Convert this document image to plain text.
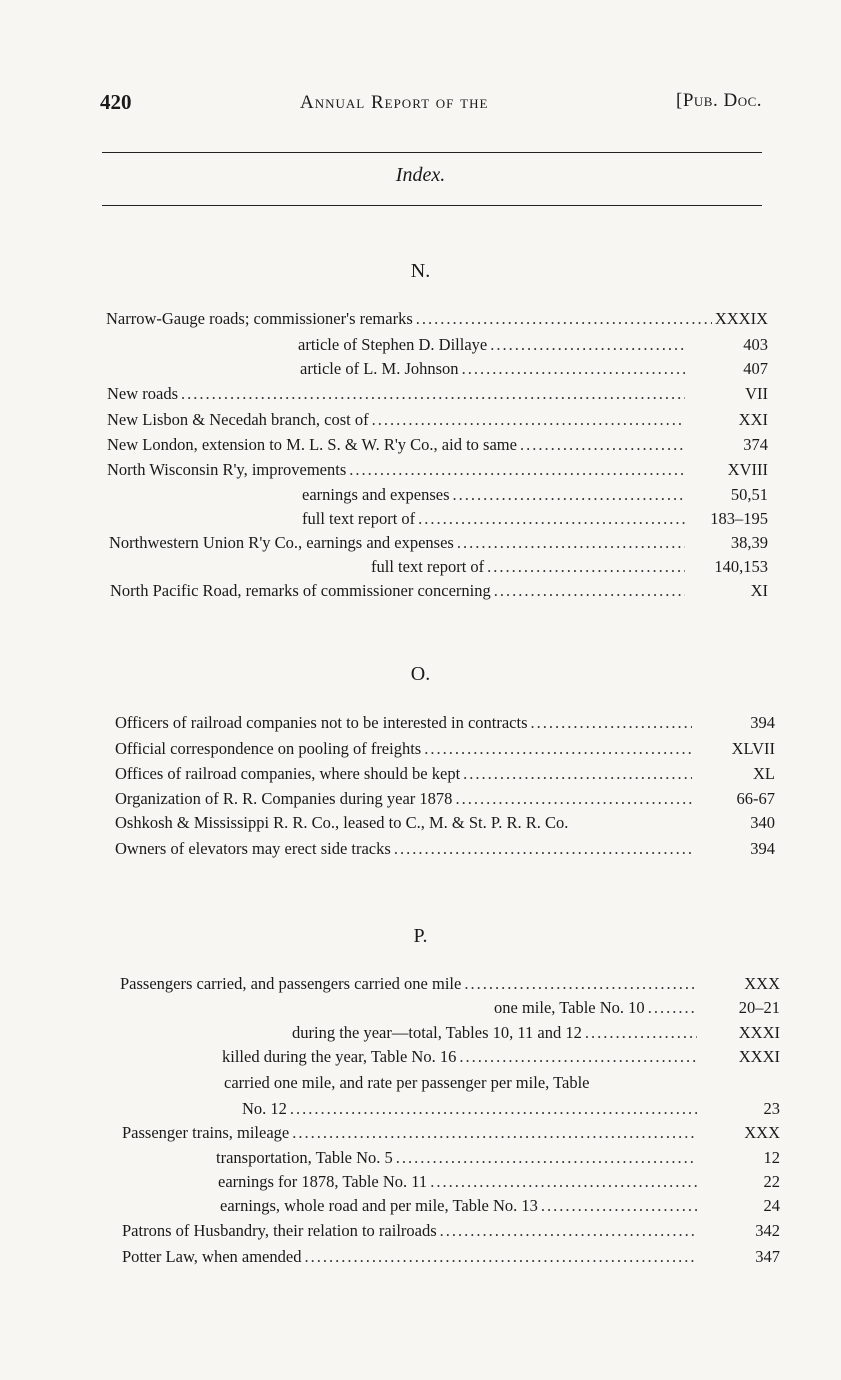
420	Annual Report of the	[Pub. Doc.
Index.
N.
O.
P.
Narrow-Gauge roads; commissioner's remarks .....	XXXIX
article of Stephen D. Dillaye .....	403
article of L. M. Johnson .....	407
New roads .....	VII
New Lisbon & Necedah branch, cost of .....	XXI
New London, extension to M. L. S. & W. R'y Co., aid to same .....	374
North Wisconsin R'y, improvements .....	XVIII
earnings and expenses .....	50,51
full text report of .....	183–195
Northwestern Union R'y Co., earnings and expenses .....	38,39
full text report of .....	140,153
North Pacific Road, remarks of commissioner concerning .....	XI
Officers of railroad companies not to be interested in contracts .....	394
Official correspondence on pooling of freights .....	XLVII
Offices of railroad companies, where should be kept .....	XL
Organization of R. R. Companies during year 1878 .....	66-67
Oshkosh & Mississippi R. R. Co., leased to C., M. & St. P. R. R. Co.	340
Owners of elevators may erect side tracks .....	394
Passengers carried, and passengers carried one mile .....	XXX
one mile, Table No. 10 .....	20–21
during the year—total, Tables 10, 11 and 12 .....	XXXI
killed during the year, Table No. 16 .....	XXXI
carried one mile, and rate per passenger per mile, Table
No. 12 .....	23
Passenger trains, mileage .....	XXX
transportation, Table No. 5 .....	12
earnings for 1878, Table No. 11 .....	22
earnings, whole road and per mile, Table No. 13 .....	24
Patrons of Husbandry, their relation to railroads .....	342
Potter Law, when amended .....	347
